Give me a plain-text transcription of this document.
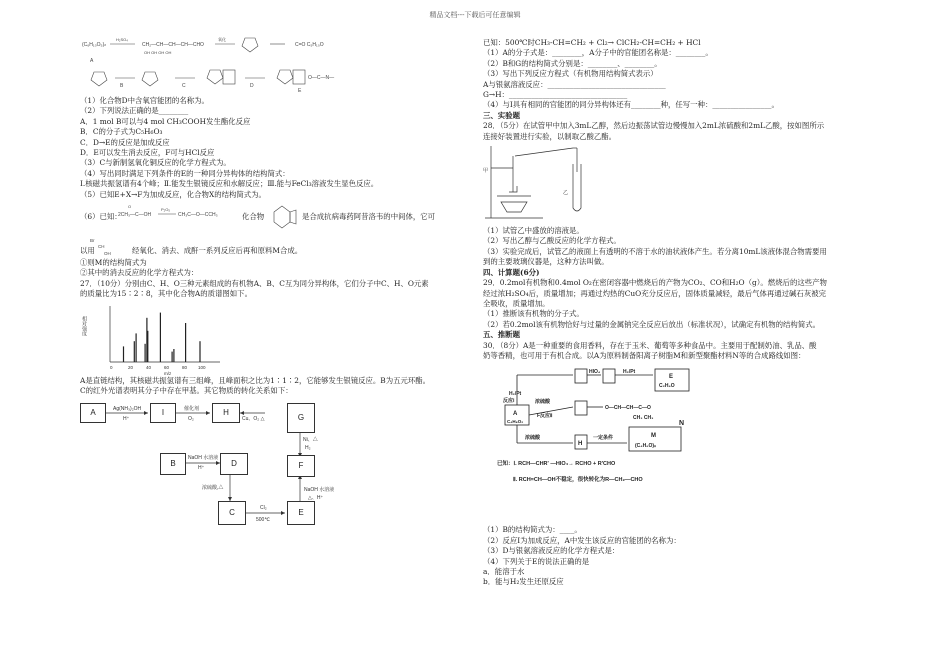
精品文档---下载后可任意编辑
(C₆H₁₀O₅)ₙ
H₂SO₄
CH₂—CH—CH—CH—CHO
OH OH OH OH
氧化
C=O C₅H₁₀O
A
B	C	D
O—C—N—
E
（1）化合物D中含氧官能团的名称为。
（2）下列说法正确的是________
A．1 mol B可以与4 mol CH₃COOH发生酯化反应
B．C的分子式为C₅H₆O₃
C．D→E的反应是加成反应
D．E可以发生消去反应，F可与HCl反应
（3）C与新制氢氧化铜反应的化学方程式为。
（4）写出同时满足下列条件的E的一种同分异构体的结构简式：
Ⅰ.核磁共振氢谱有4个峰；Ⅱ.能发生银镜反应和水解反应；Ⅲ.能与FeCl₃溶液发生显色反应。
（5）已知E+X→F为加成反应，化合物X的结构简式为。
（6）已知：
2CH₃—C—OH
O
P₂O₅
CH₃C—O—CCH₃	化合物	是合成抗病毒药阿昔洛韦的中间体，它可
Br
CH
OH
以用	经氧化、消去、成酐一系列反应后再和原料M合成。
①则M的结构简式为
②其中的消去反应的化学方程式为：
27．（10分）分别由C、H、O三种元素组成的有机物A、B、C互为同分异构体，它们分子中C、H、O元素
的质量比为15∶2∶8，其中化合物A的质谱图如下。
相对强度
0	20	40	60	80 100
m/z
A是直链结构，其核磁共振氢谱有三组峰，且峰面积之比为1∶1∶2，它能够发生银镜反应。B为五元环酯。
C的红外光谱表明其分子中存在甲基。其它物质的转化关系如下：
Ag(NH₃)₂OH
H⁺
催化剂
O₂	Cu、O₂ △
Ni、△
H₂
NaOH 水溶液
H⁺
浓硫酸,△
Cl₂
500℃
NaOH 水溶液
△、H⁺
A	I	H
G
B	D	F
C	E
已知：500℃时CH₃-CH=CH₂ + Cl₂→ ClCH₂-CH=CH₂ + HCl
（1）A的分子式是：________，A分子中的官能团名称是：________。
（2）B和G的结构简式分别是：________、________。
（3）写出下列反应方程式（有机物用结构简式表示）
A与银氨溶液反应：________________________________
G→H：________________________________
（4）与I具有相同的官能团的同分异构体还有________种，任写一种：________________。
三、实验题
28．（5分）在试管甲中加入3mL乙醇，然后边振荡试管边慢慢加入2mL浓硫酸和2mL乙酸，按如图所示
连接好装置进行实验，以制取乙酸乙酯。
甲
乙
（1）试管乙中盛放的溶液是。
（2）写出乙醇与乙酸反应的化学方程式。
（3）实验完成后，试管乙的液面上有透明的不溶于水的油状液体产生。若分离10mL该液体混合物需要用
到的主要玻璃仪器是，这种方法叫做。
四、计算题(6分)
29．0.2mol有机物和0.4mol O₂在密闭容器中燃烧后的产物为CO₂、CO和H₂O（g）。燃烧后的这些产物
经过浓H₂SO₄后，质量增加；再通过灼热的CuO充分反应后，固体质量减轻，最后气体再通过碱石灰被完
全吸收，质量增加。
（1）推断该有机物的分子式。
（2）若0.2mol该有机物恰好与过量的金属钠完全反应后放出（标准状况），试确定有机物的结构简式。
五、推断题
30．（8分）A是一种重要的食用香料，存在于玉米、葡萄等多种食品中。主要用于配制奶油、乳品、酸
奶等香精，也可用于有机合成。以A为原料制备阳离子树脂M和新型聚酯材料N等的合成路线如图：
H₂/Pt
反应Ⅰ
HIO₄	H₂/Pt
E
C₂H₆O
A
C₄H₈O₂
浓硫酸
F反应Ⅱ
O—CH—CH—C—O
CH₃ CH₃
N
浓硫酸
H
一定条件	M
(C₄H₆O)ₙ
已知：Ⅰ. RCH—CHR' —HIO₄→ RCHO + R'CHO
Ⅱ. RCH=CH—OH不稳定，很快转化为R—CH₂—CHO
（1）B的结构简式为：____。
（2）反应Ⅰ为加成反应，A中发生该反应的官能团的名称为：
（3）D与银氨溶液反应的化学方程式是：
（4）下列关于E的说法正确的是
a．能溶于水
b．能与H₂发生还原反应
